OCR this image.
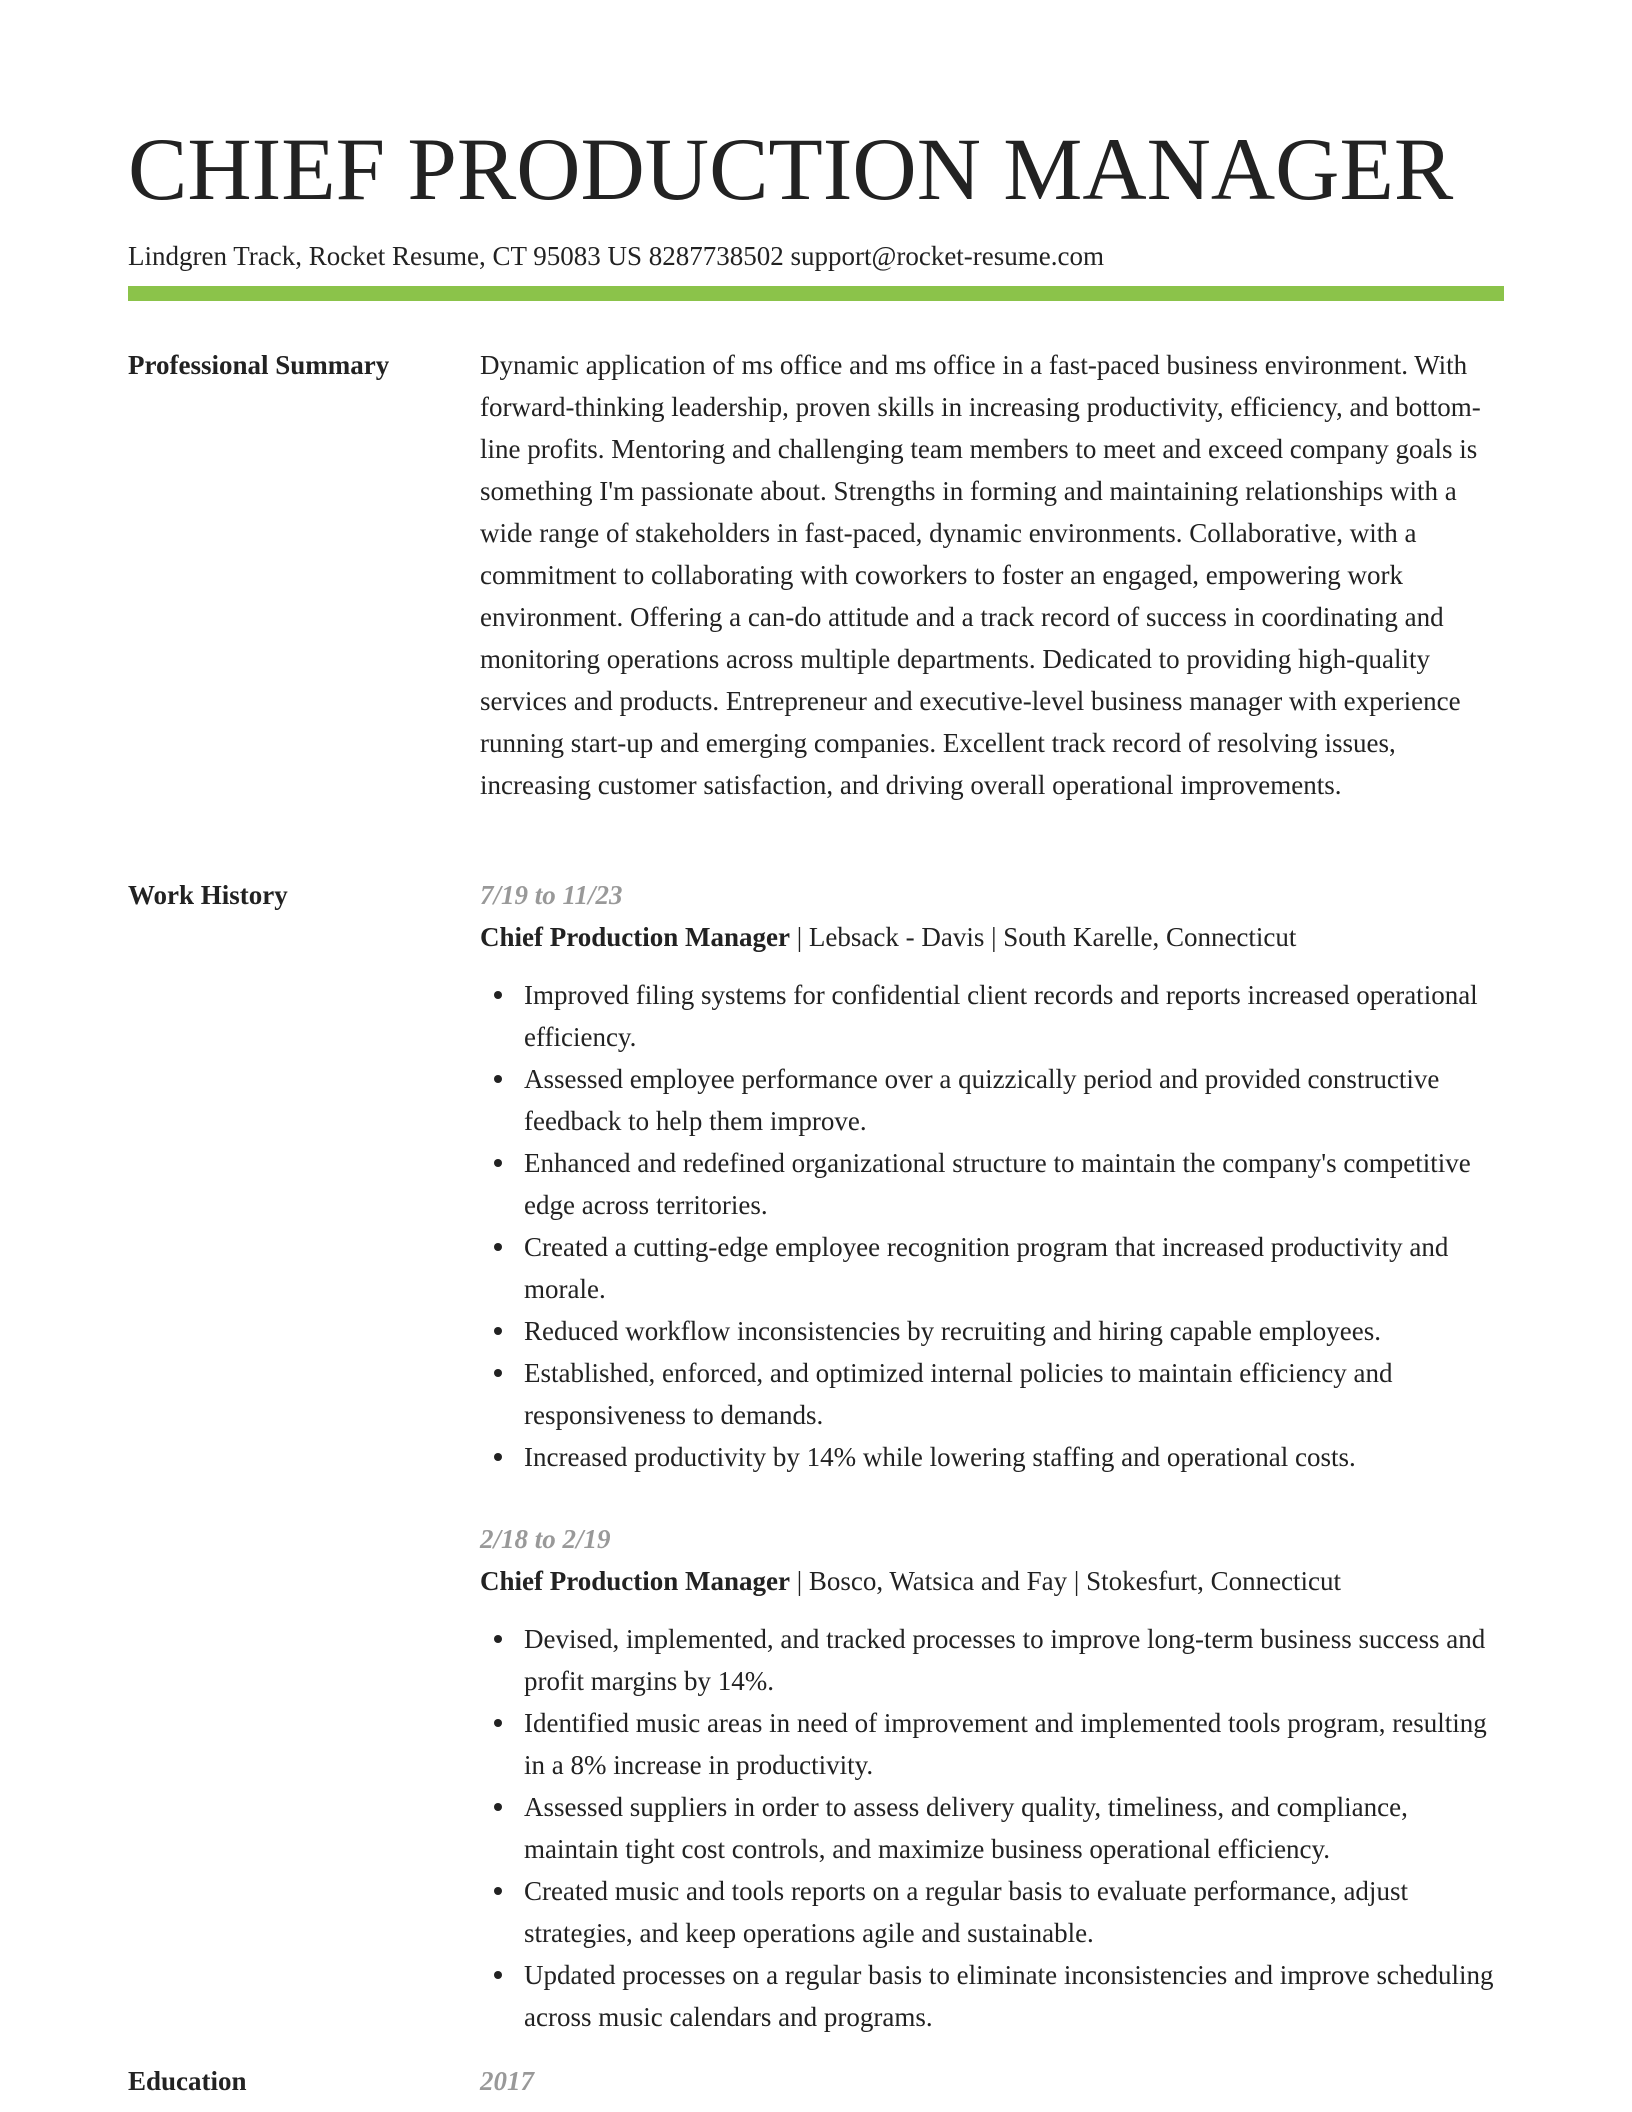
CHIEF PRODUCTION MANAGER
Lindgren Track, Rocket Resume, CT 95083 US 8287738502 support@rocket-resume.com
Professional Summary	Dynamic application of ms office and ms office in a fast-paced business environment. With forward-thinking leadership, proven skills in increasing productivity, efficiency, and bottom-line profits. Mentoring and challenging team members to meet and exceed company goals is something I'm passionate about. Strengths in forming and maintaining relationships with a wide range of stakeholders in fast-paced, dynamic environments. Collaborative, with a commitment to collaborating with coworkers to foster an engaged, empowering work environment. Offering a can-do attitude and a track record of success in coordinating and monitoring operations across multiple departments. Dedicated to providing high-quality services and products. Entrepreneur and executive-level business manager with experience running start-up and emerging companies. Excellent track record of resolving issues, increasing customer satisfaction, and driving overall operational improvements.

Work History	7/19 to 11/23
Chief Production Manager | Lebsack - Davis | South Karelle, Connecticut
Improved filing systems for confidential client records and reports increased operational efficiency.
Assessed employee performance over a quizzically period and provided constructive feedback to help them improve.
Enhanced and redefined organizational structure to maintain the company's competitive edge across territories.
Created a cutting-edge employee recognition program that increased productivity and morale.
Reduced workflow inconsistencies by recruiting and hiring capable employees.
Established, enforced, and optimized internal policies to maintain efficiency and responsiveness to demands.
Increased productivity by 14% while lowering staffing and operational costs.
2/18 to 2/19
Chief Production Manager | Bosco, Watsica and Fay | Stokesfurt, Connecticut
Devised, implemented, and tracked processes to improve long-term business success and profit margins by 14%.
Identified music areas in need of improvement and implemented tools program, resulting in a 8% increase in productivity.
Assessed suppliers in order to assess delivery quality, timeliness, and compliance, maintain tight cost controls, and maximize business operational efficiency.
Created music and tools reports on a regular basis to evaluate performance, adjust strategies, and keep operations agile and sustainable.
Updated processes on a regular basis to eliminate inconsistencies and improve scheduling across music calendars and programs.
Education	2017
